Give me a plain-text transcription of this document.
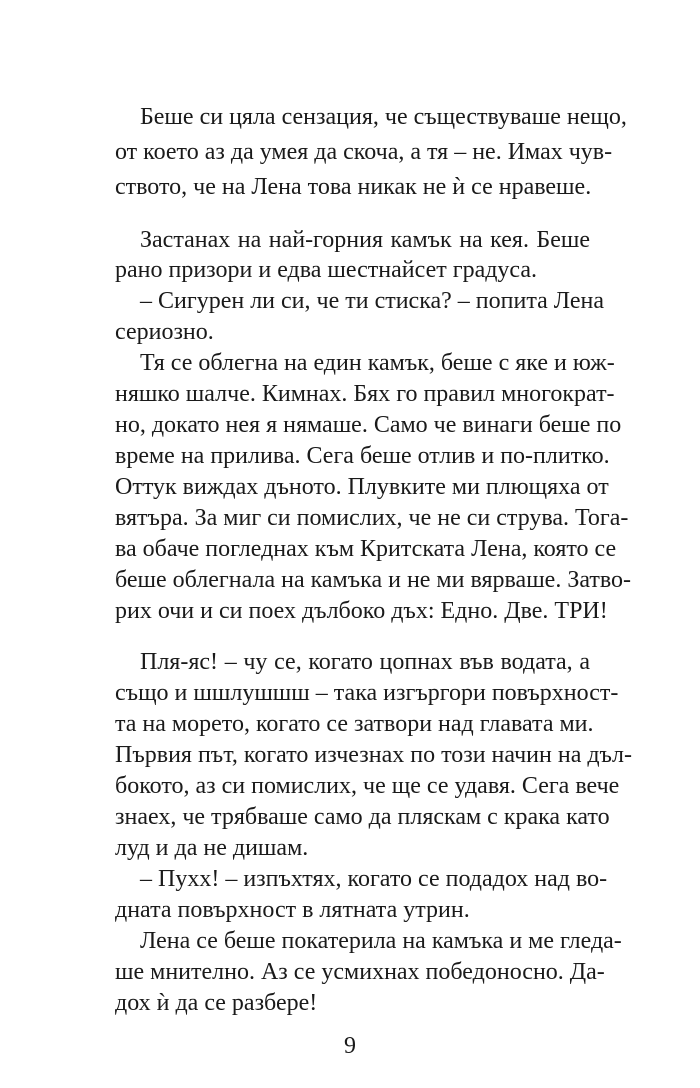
Беше си цяла сензация, че съществуваше нещо,
от което аз да умея да скоча, а тя – не. Имах чув-
ството, че на Лена това никак не ѝ се нравеше.
Застанах на най-горния камък на кея. Беше
рано призори и едва шестнайсет градуса.
– Сигурен ли си, че ти стиска? – попита Лена
сериозно.
Тя се облегна на един камък, беше с яке и юж-
няшко шалче. Кимнах. Бях го правил многократ-
но, докато нея я нямаше. Само че винаги беше по
време на прилива. Сега беше отлив и по-плитко.
Оттук виждах дъното. Плувките ми плющяха от
вятъра. За миг си помислих, че не си струва. Тога-
ва обаче погледнах към Критската Лена, която се
беше облегнала на камъка и не ми вярваше. Затво-
рих очи и си поех дълбоко дъх: Едно. Две. ТРИ!
Пля-яс! – чу се, когато цопнах във водата, а
също и шшлушшш – така изгъргори повърхност-
та на морето, когато се затвори над главата ми.
Първия път, когато изчезнах по този начин на дъл-
бокото, аз си помислих, че ще се удавя. Сега вече
знаех, че трябваше само да пляскам с крака като
луд и да не дишам.
– Пухх! – изпъхтях, когато се подадох над во-
дната повърхност в лятната утрин.
Лена се беше покатерила на камъка и ме гледа-
ше мнително. Аз се усмихнах победоносно. Да-
дох ѝ да се разбере!
9
